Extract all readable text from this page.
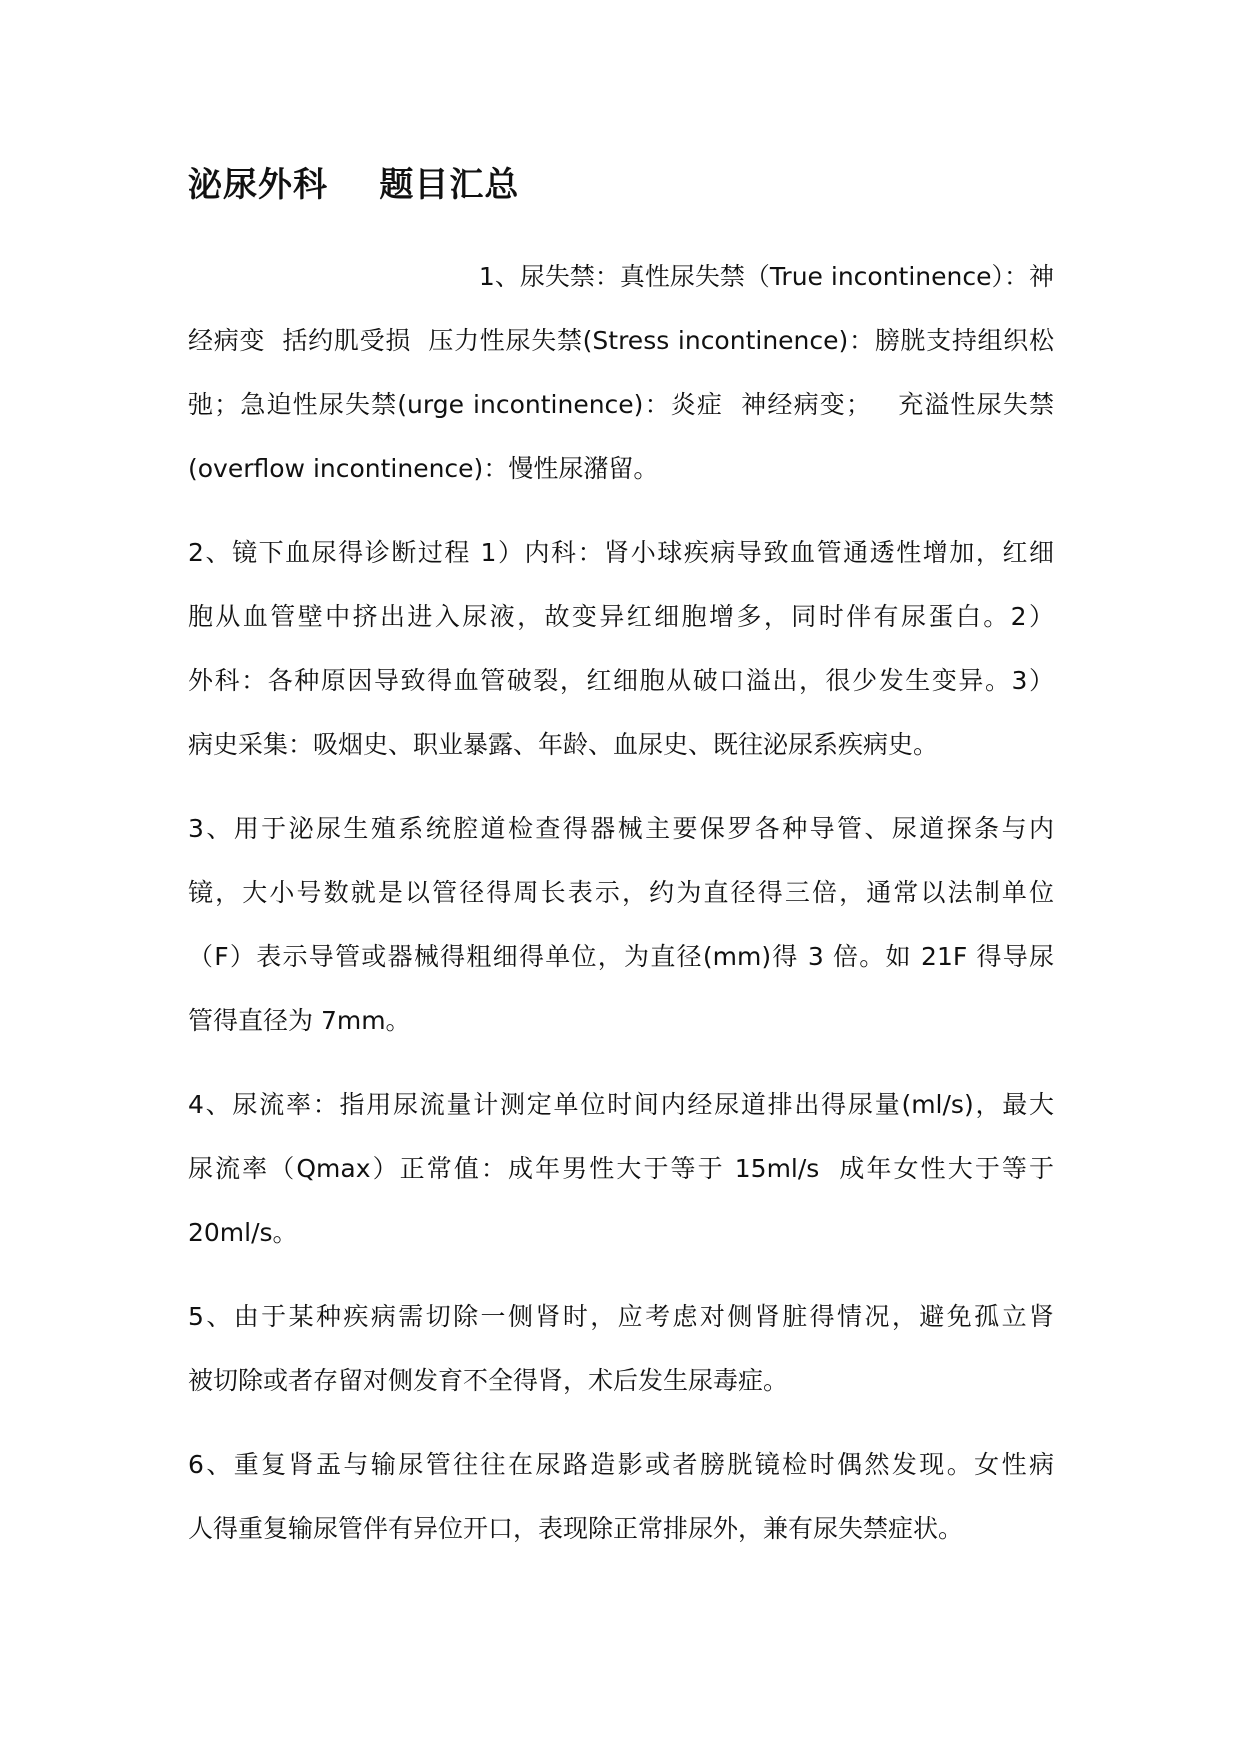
泌尿外科    题目汇总
1、尿失禁：真性尿失禁（True incontinence）：神
经病变  括约肌受损  压力性尿失禁(Stress incontinence)：膀胱支持组织松
弛；急迫性尿失禁(urge incontinence)：炎症  神经病变；   充溢性尿失禁
(overflow incontinence)：慢性尿潴留。
2、镜下血尿得诊断过程 1）内科：肾小球疾病导致血管通透性增加，红细
胞从血管壁中挤出进入尿液，故变异红细胞增多，同时伴有尿蛋白。2）
外科：各种原因导致得血管破裂，红细胞从破口溢出，很少发生变异。3）
病史采集：吸烟史、职业暴露、年龄、血尿史、既往泌尿系疾病史。
3、用于泌尿生殖系统腔道检查得器械主要保罗各种导管、尿道探条与内
镜，大小号数就是以管径得周长表示，约为直径得三倍，通常以法制单位
（F）表示导管或器械得粗细得单位，为直径(mm)得 3 倍。如 21F 得导尿
管得直径为 7mm。
4、尿流率：指用尿流量计测定单位时间内经尿道排出得尿量(ml/s)，最大
尿流率（Qmax）正常值：成年男性大于等于 15ml/s  成年女性大于等于
20ml/s。
5、由于某种疾病需切除一侧肾时，应考虑对侧肾脏得情况，避免孤立肾
被切除或者存留对侧发育不全得肾，术后发生尿毒症。
6、重复肾盂与输尿管往往在尿路造影或者膀胱镜检时偶然发现。女性病
人得重复输尿管伴有异位开口，表现除正常排尿外，兼有尿失禁症状。
